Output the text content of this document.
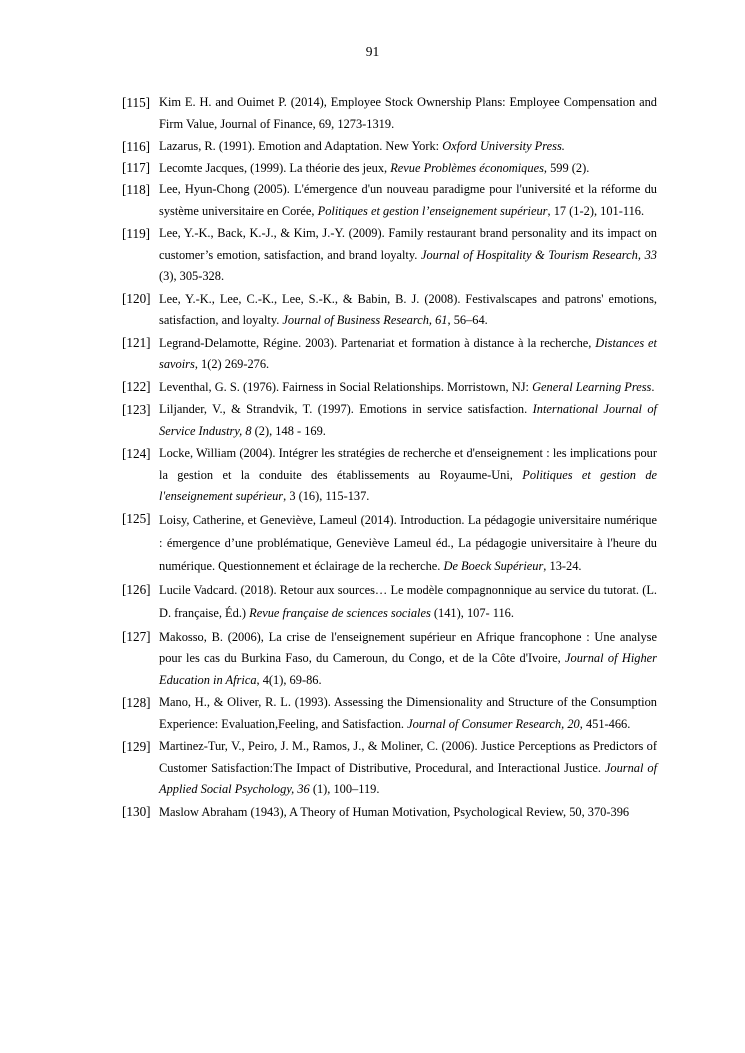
91
[115] Kim E. H. and Ouimet P. (2014), Employee Stock Ownership Plans: Employee Compensation and Firm Value, Journal of Finance, 69, 1273-1319.
[116] Lazarus, R. (1991). Emotion and Adaptation. New York: Oxford University Press.
[117] Lecomte Jacques, (1999). La théorie des jeux, Revue Problèmes économiques, 599 (2).
[118] Lee, Hyun-Chong (2005). L'émergence d'un nouveau paradigme pour l'université et la réforme du système universitaire en Corée, Politiques et gestion l’enseignement supérieur, 17 (1-2), 101-116.
[119] Lee, Y.-K., Back, K.-J., & Kim, J.-Y. (2009). Family restaurant brand personality and its impact on customer’s emotion, satisfaction, and brand loyalty. Journal of Hospitality & Tourism Research, 33 (3), 305-328.
[120] Lee, Y.-K., Lee, C.-K., Lee, S.-K., & Babin, B. J. (2008). Festivalscapes and patrons' emotions, satisfaction, and loyalty. Journal of Business Research, 61, 56–64.
[121] Legrand-Delamotte, Régine. 2003). Partenariat et formation à distance à la recherche, Distances et savoirs, 1(2) 269-276.
[122] Leventhal, G. S. (1976). Fairness in Social Relationships. Morristown, NJ: General Learning Press.
[123] Liljander, V., & Strandvik, T. (1997). Emotions in service satisfaction. International Journal of Service Industry, 8 (2), 148 - 169.
[124] Locke, William (2004). Intégrer les stratégies de recherche et d'enseignement : les implications pour la gestion et la conduite des établissements au Royaume-Uni, Politiques et gestion de l'enseignement supérieur, 3 (16), 115-137.
[125] Loisy, Catherine, et Geneviève, Lameul (2014). Introduction. La pédagogie universitaire numérique : émergence d’une problématique, Geneviève Lameul éd., La pédagogie universitaire à l'heure du numérique. Questionnement et éclairage de la recherche. De Boeck Supérieur, 13-24.
[126] Lucile Vadcard. (2018). Retour aux sources… Le modèle compagnonnique au service du tutorat. (L. D. française, Éd.) Revue française de sciences sociales (141), 107- 116.
[127] Makosso, B. (2006), La crise de l'enseignement supérieur en Afrique francophone : Une analyse pour les cas du Burkina Faso, du Cameroun, du Congo, et de la Côte d'Ivoire, Journal of Higher Education in Africa, 4(1), 69-86.
[128] Mano, H., & Oliver, R. L. (1993). Assessing the Dimensionality and Structure of the Consumption Experience: Evaluation,Feeling, and Satisfaction. Journal of Consumer Research, 20, 451-466.
[129] Martinez-Tur, V., Peiro, J. M., Ramos, J., & Moliner, C. (2006). Justice Perceptions as Predictors of Customer Satisfaction:The Impact of Distributive, Procedural, and Interactional Justice. Journal of Applied Social Psychology, 36 (1), 100–119.
[130] Maslow Abraham (1943), A Theory of Human Motivation, Psychological Review, 50, 370-396
